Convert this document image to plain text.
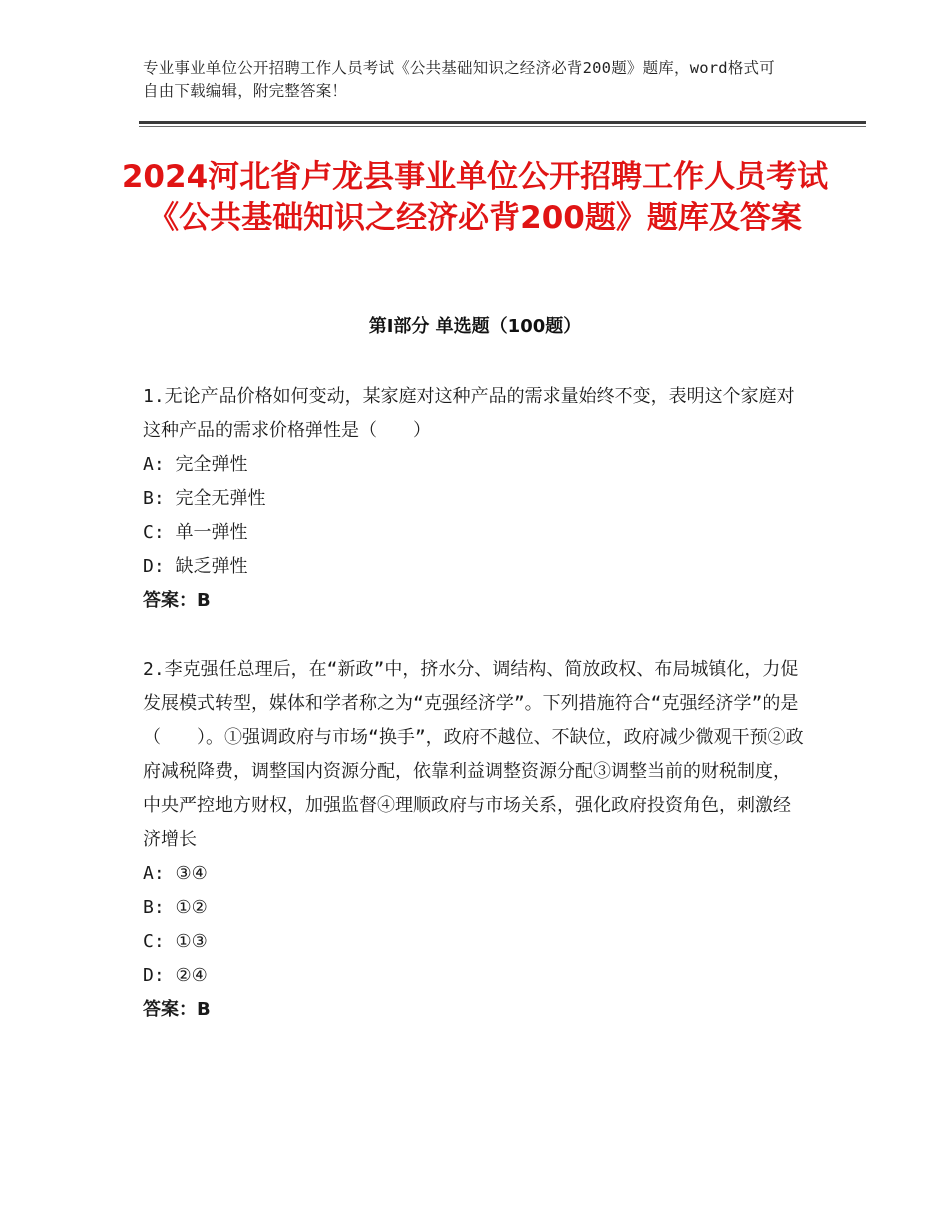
专业事业单位公开招聘工作人员考试《公共基础知识之经济必背200题》题库，word格式可自由下载编辑，附完整答案！
2024河北省卢龙县事业单位公开招聘工作人员考试《公共基础知识之经济必背200题》题库及答案
第Ⅰ部分 单选题（100题）

1.无论产品价格如何变动，某家庭对这种产品的需求量始终不变，表明这个家庭对这种产品的需求价格弹性是（　　）

A: 完全弹性

B: 完全无弹性

C: 单一弹性

D: 缺乏弹性

答案：B

2.李克强任总理后，在“新政”中，挤水分、调结构、简放政权、布局城镇化，力促发展模式转型，媒体和学者称之为“克强经济学”。下列措施符合“克强经济学”的是（　　）。①强调政府与市场“换手”，政府不越位、不缺位，政府减少微观干预②政府减税降费，调整国内资源分配，依靠利益调整资源分配③调整当前的财税制度，中央严控地方财权，加强监督④理顺政府与市场关系，强化政府投资角色，刺激经济增长

A: ③④

B: ①②

C: ①③

D: ②④

答案：B
